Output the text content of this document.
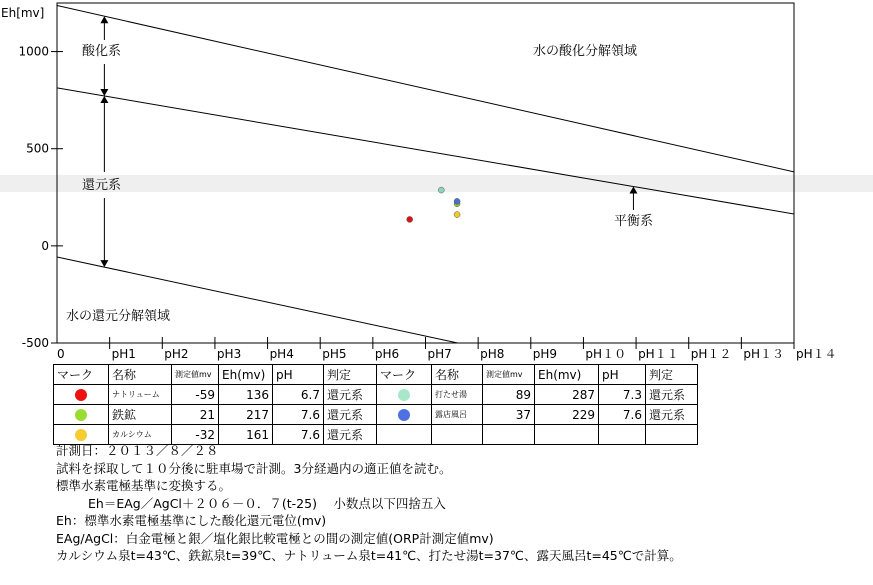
Eh[mv]
1000
500
0
-500
0	pH1 pH2 pH3 pH4 pH5 pH6 pH7 pH8 pH9 pH１０ pH１１ pH１２ pH１３ pH１４
酸化系
還元系
水の酸化分解領域
水の還元分解領域
平衡系
マーク	名称	測定値mv	Eh(mv)	pH	判定	マーク	名称	測定値mv	Eh(mv)	pH	判定
	ナトリューム	-59	136	6.7	還元系		打たせ湯	89	287	7.3	還元系
	鉄鉱	21	217	7.6	還元系		露店風呂	37	229	7.6	還元系
	カルシウム	-32	161	7.6	還元系						
計測日：２０１３／８／２８
試料を採取して１０分後に駐車場で計測。3分経過内の適正値を読む。
標準水素電極基準に変換する。
Eh＝EAg／AgCl＋２０６－０．７(t-25)　 小数点以下四捨五入
Eh：標準水素電極基準にした酸化還元電位(mv)
EAg/AgCl：白金電極と銀／塩化銀比較電極との間の測定値(ORP計測定値mv)
カルシウム泉t=43℃、鉄鉱泉t=39℃、ナトリューム泉t=41℃、打たせ湯t=37℃、露天風呂t=45℃で計算。
